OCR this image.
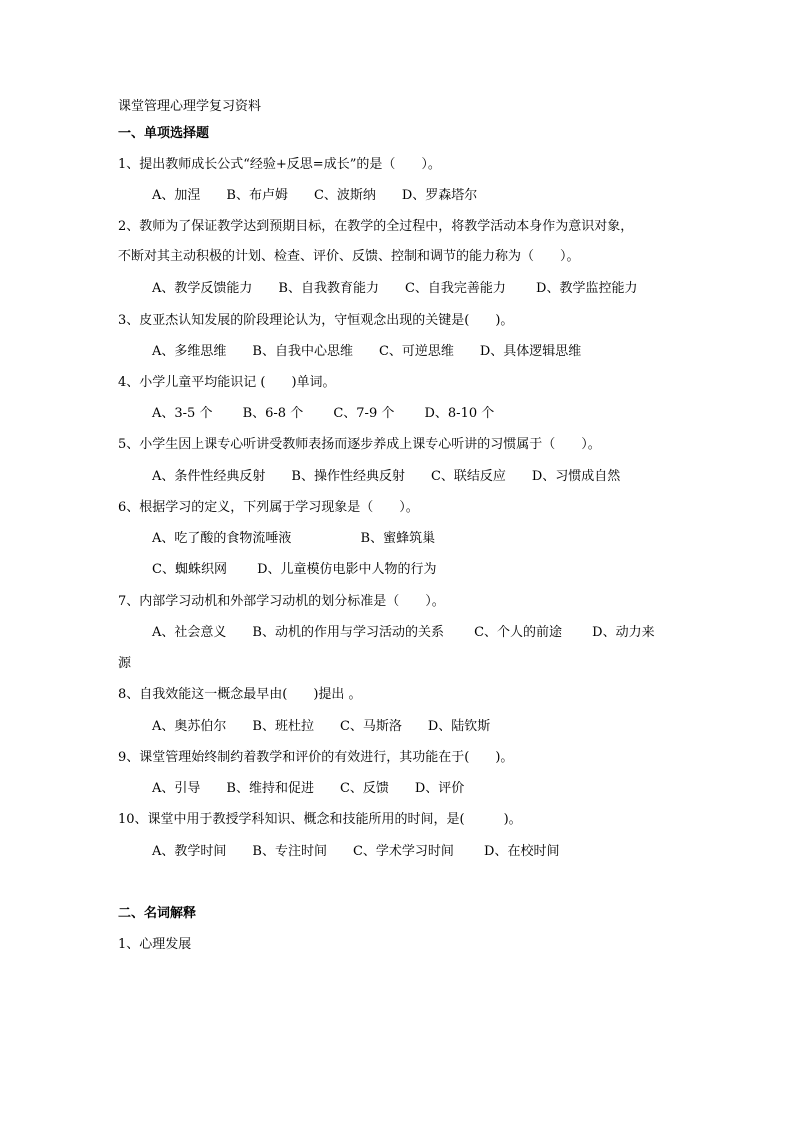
课堂管理心理学复习资料
一、单项选择题
1、提出教师成长公式“经验+反思=成长”的是（　　）。
A、加涅　　B、布卢姆　　C、波斯纳　　D、罗森塔尔
2、教师为了保证教学达到预期目标，在教学的全过程中，将教学活动本身作为意识对象，
不断对其主动积极的计划、检查、评价、反馈、控制和调节的能力称为（　　）。
A、教学反馈能力　　B、自我教育能力　　C、自我完善能力　　 D、教学监控能力
3、皮亚杰认知发展的阶段理论认为，守恒观念出现的关键是(　　)。
A、多维思维　　B、自我中心思维　　C、可逆思维　　D、具体逻辑思维
4、小学儿童平均能识记 (　　)单词。
A、3-5 个　　 B、6-8 个　　 C、7-9 个　　 D、8-10 个
5、小学生因上课专心听讲受教师表扬而逐步养成上课专心听讲的习惯属于（　　）。
A、条件性经典反射　　B、操作性经典反射　　C、联结反应　　D、习惯成自然
6、根据学习的定义，下列属于学习现象是（　　）。
A、吃了酸的食物流唾液　　　　　 B、蜜蜂筑巢
C、蜘蛛织网　　 D、儿童模仿电影中人物的行为
7、内部学习动机和外部学习动机的划分标准是（　　）。
A、社会意义　　B、动机的作用与学习活动的关系　　 C、个人的前途　　 D、动力来
源
8、自我效能这一概念最早由(　　)提出 。
A、奥苏伯尔　　B、班杜拉　　C、马斯洛　　D、陆钦斯
9、课堂管理始终制约着教学和评价的有效进行，其功能在于(　　)。
A、引导　　B、维持和促进　　C、反馈　　D、评价
10、课堂中用于教授学科知识、概念和技能所用的时间，是(　　　)。
A、教学时间　　B、专注时间　　C、学术学习时间　　 D、在校时间
二、名词解释
1、心理发展
